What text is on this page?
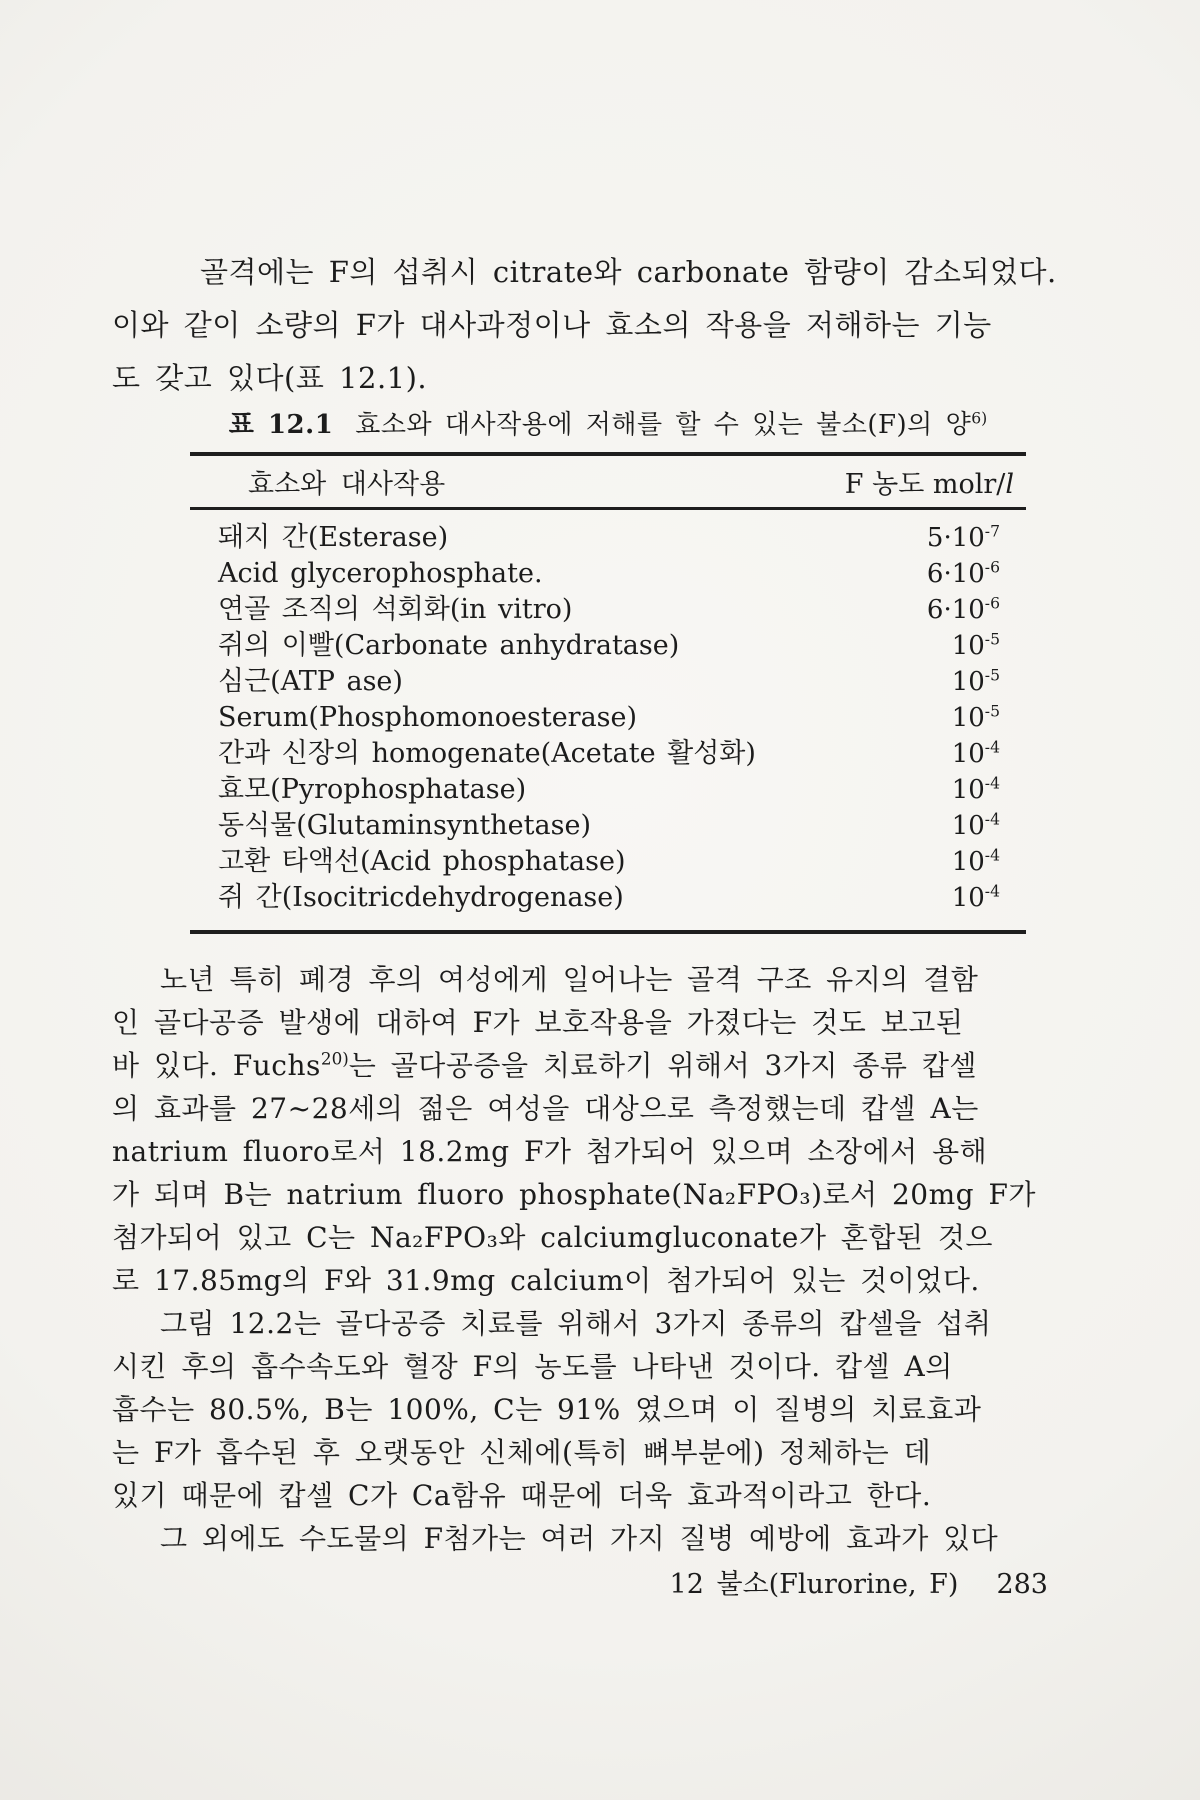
골격에는 F의 섭취시 citrate와 carbonate 함량이 감소되었다.
이와 같이 소량의 F가 대사과정이나 효소의 작용을 저해하는 기능
도 갖고 있다(표 12.1).
표 12.1 효소와 대사작용에 저해를 할 수 있는 불소(F)의 양$^{6)}$
효소와 대사작용	F 농도 molr/l
돼지 간(Esterase)	$5\cdot 10^{-7}$
Acid glycerophosphate.	$6\cdot 10^{-6}$
연골 조직의 석회화(in vitro)	$6\cdot 10^{-6}$
쥐의 이빨(Carbonate anhydratase)	$10^{-5}$
심근(ATP ase)	$10^{-5}$
Serum(Phosphomonoesterase)	$10^{-5}$
간과 신장의 homogenate(Acetate 활성화)	$10^{-4}$
효모(Pyrophosphatase)	$10^{-4}$
동식물(Glutaminsynthetase)	$10^{-4}$
고환 타액선(Acid phosphatase)	$10^{-4}$
쥐 간(Isocitricdehydrogenase)	$10^{-4}$
노년 특히 폐경 후의 여성에게 일어나는 골격 구조 유지의 결함
인 골다공증 발생에 대하여 F가 보호작용을 가졌다는 것도 보고된
바 있다. Fuchs$^{20)}$는 골다공증을 치료하기 위해서 3가지 종류 캅셀
의 효과를 27~28세의 젊은 여성을 대상으로 측정했는데 캅셀 A는
natrium fluoro로서 18.2mg F가 첨가되어 있으며 소장에서 용해
가 되며 B는 natrium fluoro phosphate(Na₂FPO₃)로서 20mg F가
첨가되어 있고 C는 Na₂FPO₃와 calciumgluconate가 혼합된 것으
로 17.85mg의 F와 31.9mg calcium이 첨가되어 있는 것이었다.
그림 12.2는 골다공증 치료를 위해서 3가지 종류의 캅셀을 섭취
시킨 후의 흡수속도와 혈장 F의 농도를 나타낸 것이다. 캅셀 A의
흡수는 80.5%, B는 100%, C는 91% 였으며 이 질병의 치료효과
는 F가 흡수된 후 오랫동안 신체에(특히 뼈부분에) 정체하는 데
있기 때문에 캅셀 C가 Ca함유 때문에 더욱 효과적이라고 한다.
그 외에도 수도물의 F첨가는 여러 가지 질병 예방에 효과가 있다
12 불소(Flurorine, F) 283
